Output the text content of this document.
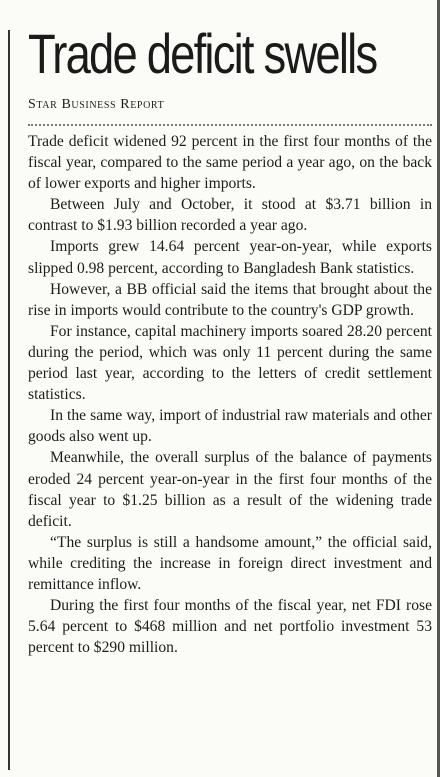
Trade deficit swells
Star Business Report

Trade deficit widened 92 percent in the first four months of the fiscal year, compared to the same period a year ago, on the back of lower exports and higher imports.

Between July and October, it stood at $3.71 billion in contrast to $1.93 billion recorded a year ago.

Imports grew 14.64 percent year-on-year, while exports slipped 0.98 percent, according to Bangladesh Bank statistics.

However, a BB official said the items that brought about the rise in imports would contribute to the country's GDP growth.

For instance, capital machinery imports soared 28.20 percent during the period, which was only 11 percent during the same period last year, according to the letters of credit settlement statistics.

In the same way, import of industrial raw materials and other goods also went up.

Meanwhile, the overall surplus of the balance of payments eroded 24 percent year-on-year in the first four months of the fiscal year to $1.25 billion as a result of the widening trade deficit.

“The surplus is still a handsome amount,” the official said, while crediting the increase in foreign direct investment and remittance inflow.

During the first four months of the fiscal year, net FDI rose 5.64 percent to $468 million and net portfolio investment 53 percent to $290 million.
